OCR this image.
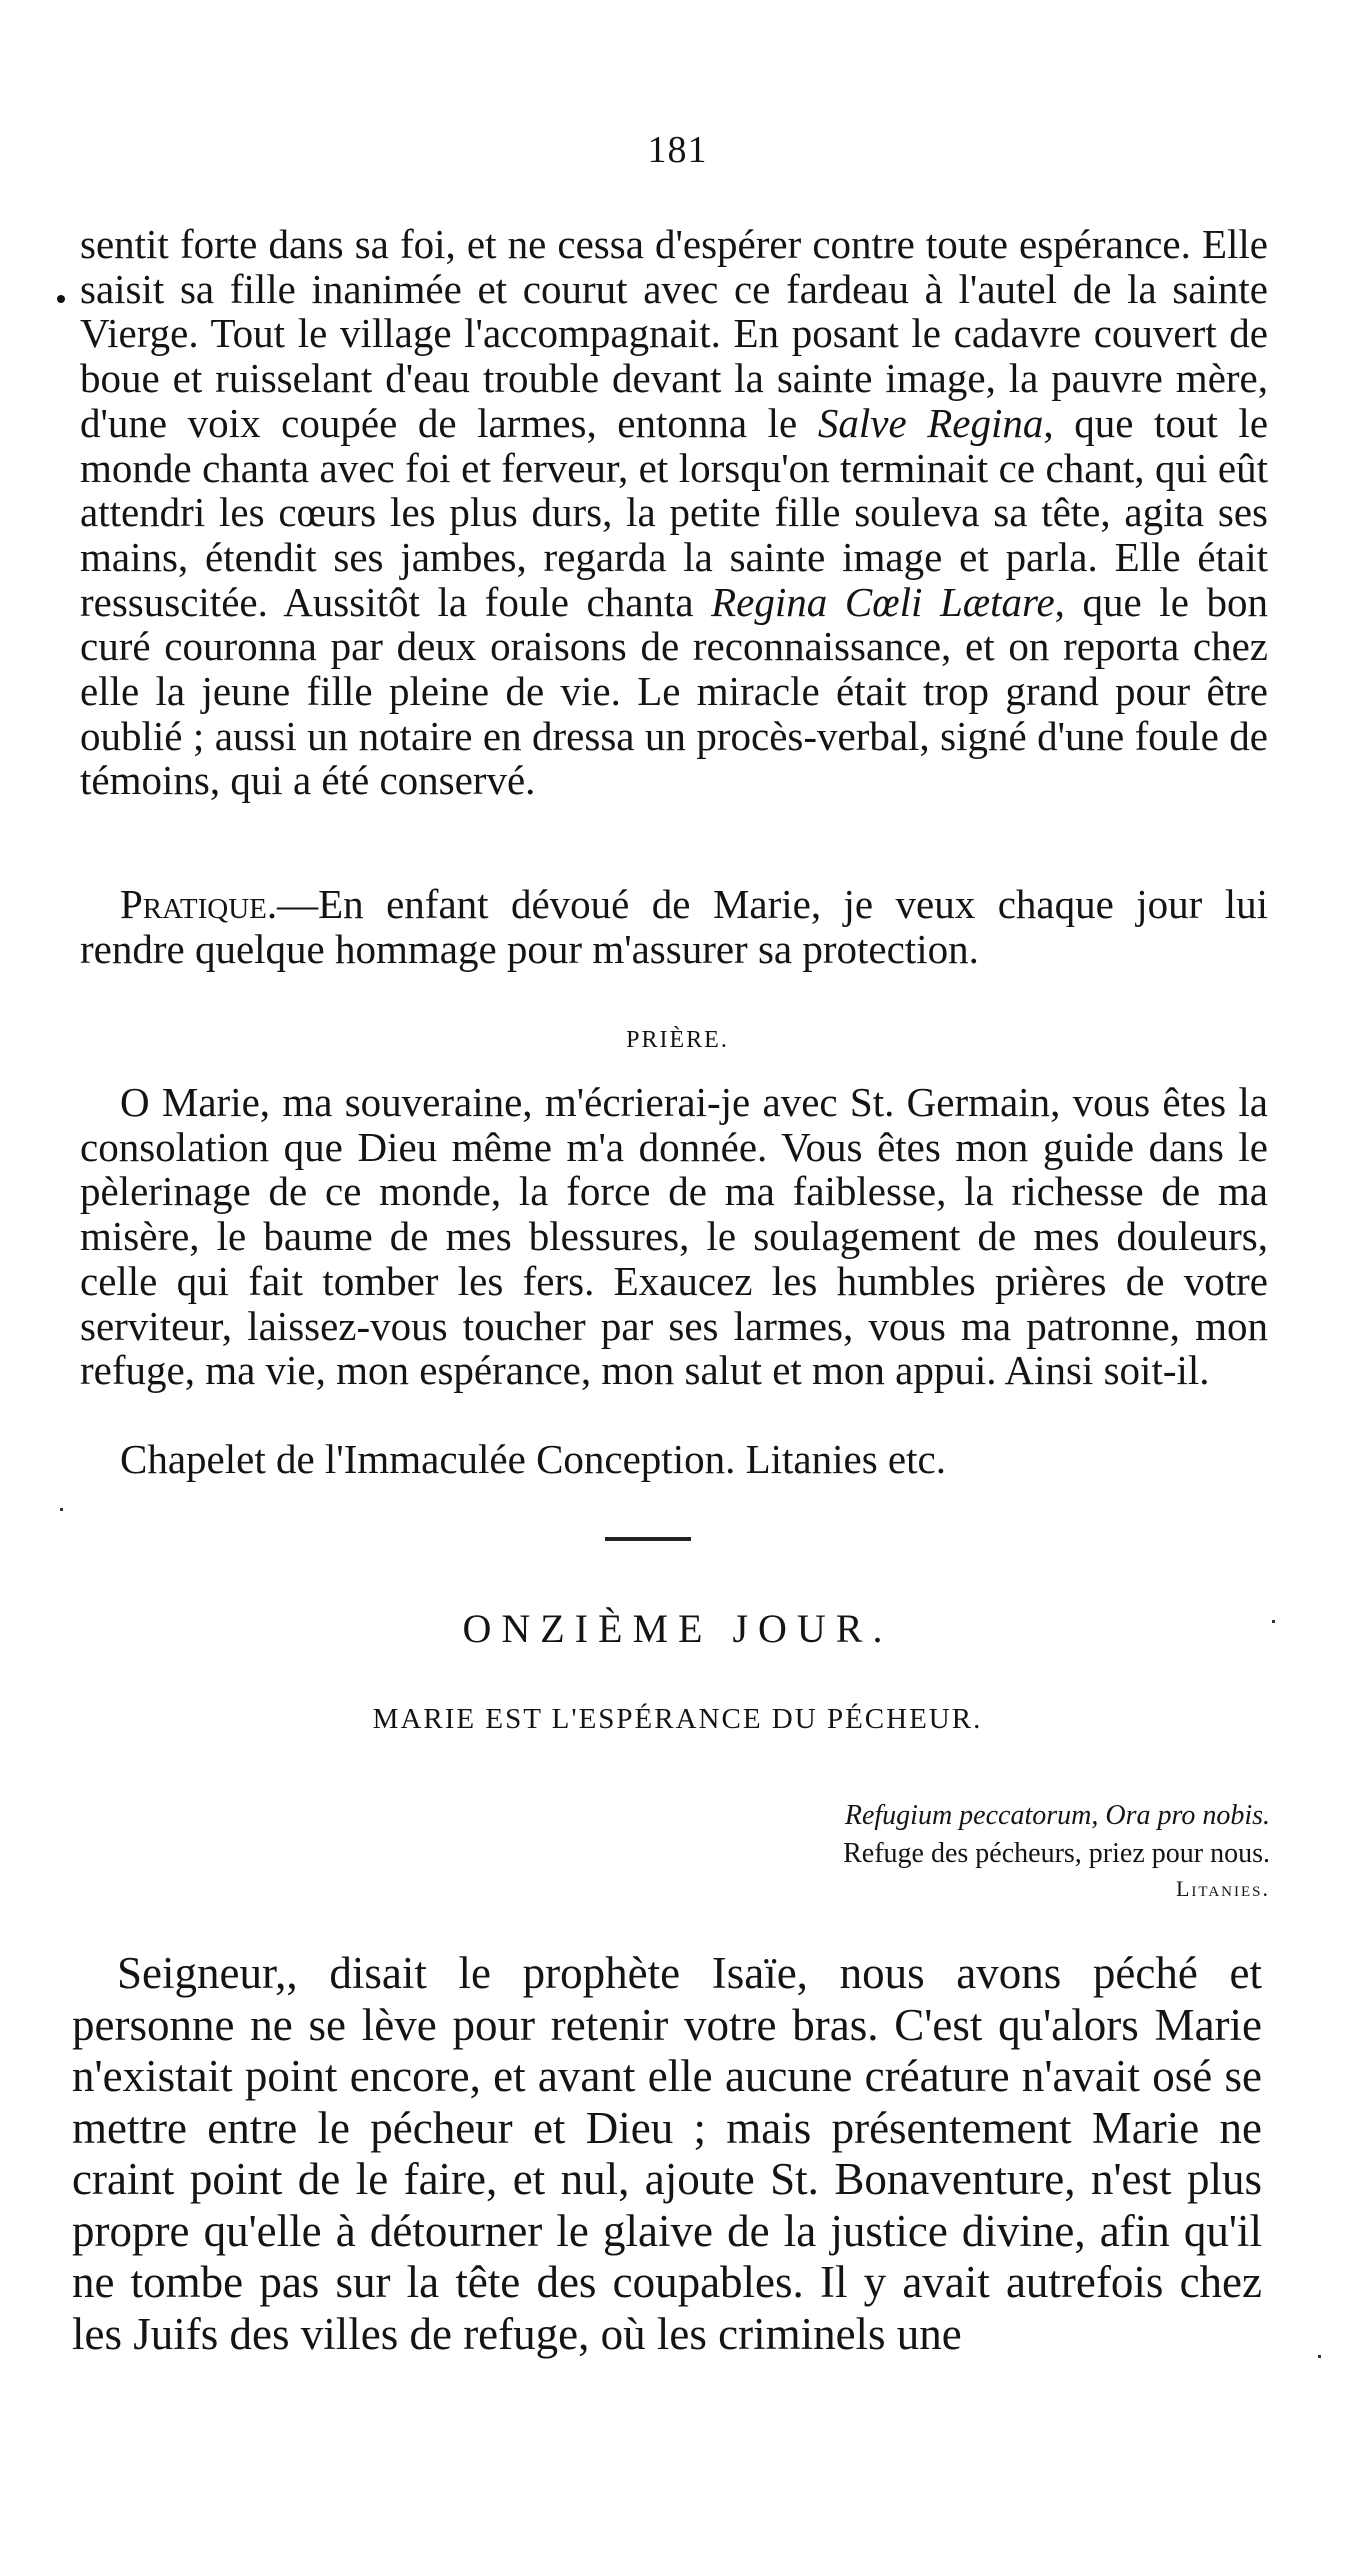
181

sentit forte dans sa foi, et ne cessa d'espérer contre toute espérance. Elle saisit sa fille inanimée et courut avec ce fardeau à l'autel de la sainte Vierge. Tout le village l'accompagnait. En posant le cadavre couvert de boue et ruisselant d'eau trouble devant la sainte image, la pauvre mère, d'une voix coupée de larmes, entonna le Salve Regina, que tout le monde chanta avec foi et ferveur, et lorsqu'on terminait ce chant, qui eût attendri les cœurs les plus durs, la petite fille souleva sa tête, agita ses mains, étendit ses jambes, regarda la sainte image et parla. Elle était ressuscitée. Aussitôt la foule chanta Regina Cœli Lætare, que le bon curé couronna par deux oraisons de reconnaissance, et on reporta chez elle la jeune fille pleine de vie. Le miracle était trop grand pour être oublié ; aussi un notaire en dressa un procès-verbal, signé d'une foule de témoins, qui a été conservé.

Pratique.—En enfant dévoué de Marie, je veux chaque jour lui rendre quelque hommage pour m'assurer sa protection.

PRIÈRE.

O Marie, ma souveraine, m'écrierai-je avec St. Germain, vous êtes la consolation que Dieu même m'a donnée. Vous êtes mon guide dans le pèlerinage de ce monde, la force de ma faiblesse, la richesse de ma misère, le baume de mes blessures, le soulagement de mes douleurs, celle qui fait tomber les fers. Exaucez les humbles prières de votre serviteur, laissez-vous toucher par ses larmes, vous ma patronne, mon refuge, ma vie, mon espérance, mon salut et mon appui. Ainsi soit-il.

Chapelet de l'Immaculée Conception. Litanies etc.

ONZIÈME JOUR.

MARIE EST L'ESPÉRANCE DU PÉCHEUR.

Refugium peccatorum, Ora pro nobis.

Refuge des pécheurs, priez pour nous.

Litanies.

Seigneur,, disait le prophète Isaïe, nous avons péché et personne ne se lève pour retenir votre bras. C'est qu'alors Marie n'existait point encore, et avant elle aucune créature n'avait osé se mettre entre le pécheur et Dieu ; mais présentement Marie ne craint point de le faire, et nul, ajoute St. Bonaventure, n'est plus propre qu'elle à détourner le glaive de la justice divine, afin qu'il ne tombe pas sur la tête des coupables. Il y avait autrefois chez les Juifs des villes de refuge, où les criminels une
